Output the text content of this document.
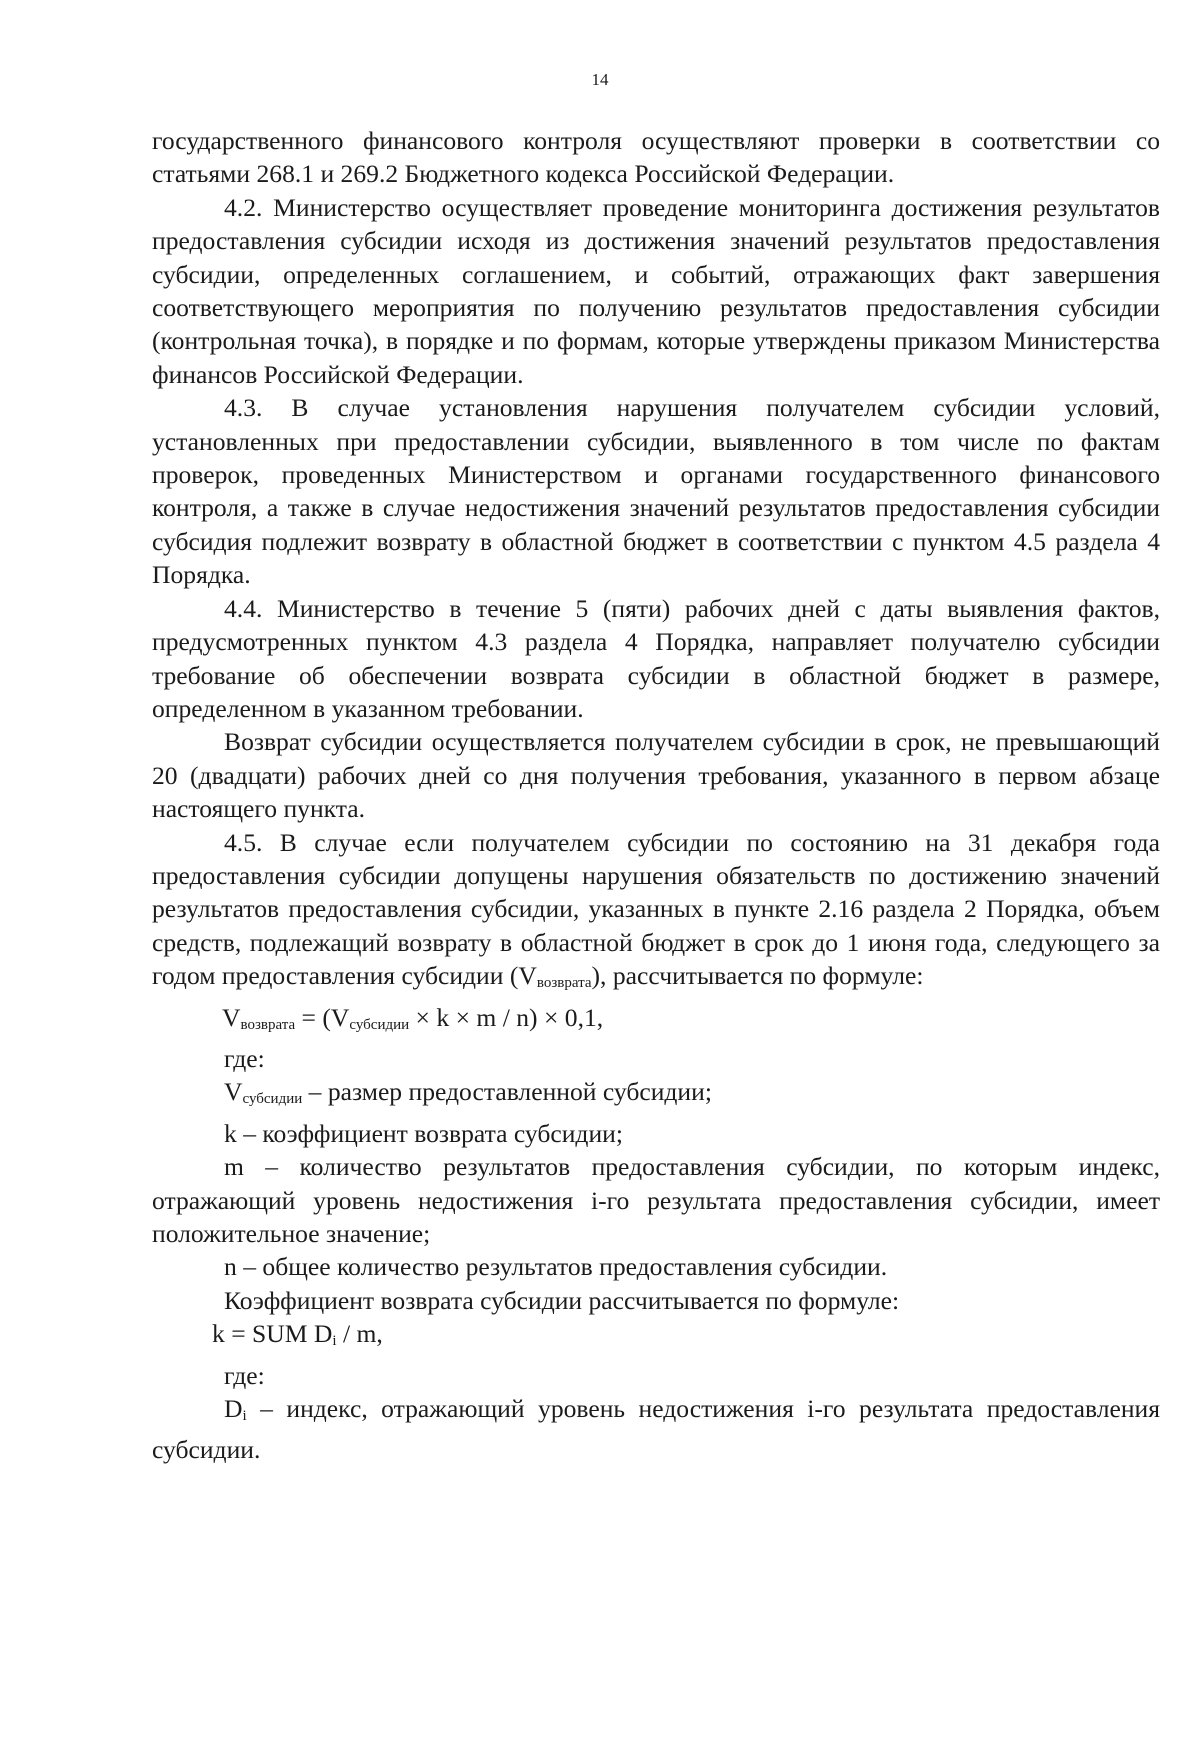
14

государственного финансового контроля осуществляют проверки в соответствии со статьями 268.1 и 269.2 Бюджетного кодекса Российской Федерации.

4.2. Министерство осуществляет проведение мониторинга достижения результатов предоставления субсидии исходя из достижения значений результатов предоставления субсидии, определенных соглашением, и событий, отражающих факт завершения соответствующего мероприятия по получению результатов предоставления субсидии (контрольная точка), в порядке и по формам, которые утверждены приказом Министерства финансов Российской Федерации.

4.3. В случае установления нарушения получателем субсидии условий, установленных при предоставлении субсидии, выявленного в том числе по фактам проверок, проведенных Министерством и органами государственного финансового контроля, а также в случае недостижения значений результатов предоставления субсидии субсидия подлежит возврату в областной бюджет в соответствии с пунктом 4.5 раздела 4 Порядка.

4.4. Министерство в течение 5 (пяти) рабочих дней с даты выявления фактов, предусмотренных пунктом 4.3 раздела 4 Порядка, направляет получателю субсидии требование об обеспечении возврата субсидии в областной бюджет в размере, определенном в указанном требовании.

Возврат субсидии осуществляется получателем субсидии в срок, не превышающий 20 (двадцати) рабочих дней со дня получения требования, указанного в первом абзаце настоящего пункта.

4.5. В случае если получателем субсидии по состоянию на 31 декабря года предоставления субсидии допущены нарушения обязательств по достижению значений результатов предоставления субсидии, указанных в пункте 2.16 раздела 2 Порядка, объем средств, подлежащий возврату в областной бюджет в срок до 1 июня года, следующего за годом предоставления субсидии $(V_{возврата})$, рассчитывается по формуле:

$V_{возврата} = (V_{субсидии} \times k \times m / n) \times 0,1$,

где:

$V_{субсидии}$ – размер предоставленной субсидии;

k – коэффициент возврата субсидии;

m – количество результатов предоставления субсидии, по которым индекс, отражающий уровень недостижения i-го результата предоставления субсидии, имеет положительное значение;

n – общее количество результатов предоставления субсидии.

Коэффициент возврата субсидии рассчитывается по формуле:

k = SUM $D_i$ / m,

где:

$D_i$ – индекс, отражающий уровень недостижения i-го результата предоставления субсидии.
